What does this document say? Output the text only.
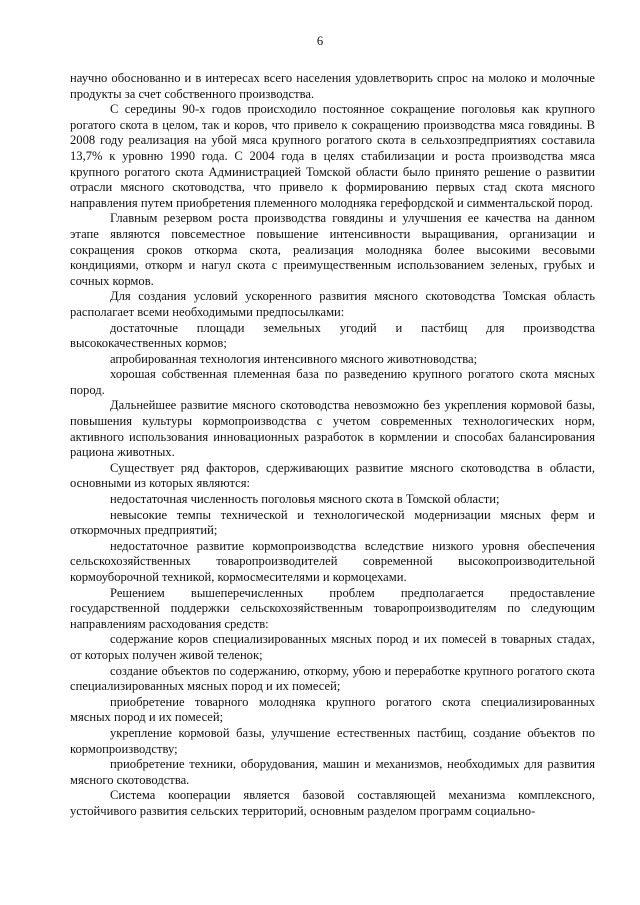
6

научно обоснованно и в интересах всего населения удовлетворить спрос на молоко и молочные продукты за счет собственного производства.

С середины 90-х годов происходило постоянное сокращение поголовья как крупного рогатого скота в целом, так и коров, что привело к сокращению производства мяса говядины. В 2008 году реализация на убой мяса крупного рогатого скота в сельхозпредприятиях составила 13,7% к уровню 1990 года. С 2004 года в целях стабилизации и роста производства мяса крупного рогатого скота Администрацией Томской области было принято решение о развитии отрасли мясного скотоводства, что привело к формированию первых стад скота мясного направления путем приобретения племенного молодняка герефордской и симментальской пород.

Главным резервом роста производства говядины и улучшения ее качества на данном этапе являются повсеместное повышение интенсивности выращивания, организации и сокращения сроков откорма скота, реализация молодняка более высокими весовыми кондициями, откорм и нагул скота с преимущественным использованием зеленых, грубых и сочных кормов.

Для создания условий ускоренного развития мясного скотоводства Томская область располагает всеми необходимыми предпосылками:

достаточные площади земельных угодий и пастбищ для производства высококачественных кормов;

апробированная технология интенсивного мясного животноводства;

хорошая собственная племенная база по разведению крупного рогатого скота мясных пород.

Дальнейшее развитие мясного скотоводства невозможно без укрепления кормовой базы, повышения культуры кормопроизводства с учетом современных технологических норм, активного использования инновационных разработок в кормлении и способах балансирования рациона животных.

Существует ряд факторов, сдерживающих развитие мясного скотоводства в области, основными из которых являются:

недостаточная численность поголовья мясного скота в Томской области;

невысокие темпы технической и технологической модернизации мясных ферм и откормочных предприятий;

недостаточное развитие кормопроизводства вследствие низкого уровня обеспечения сельскохозяйственных товаропроизводителей современной высокопроизводительной кормоуборочной техникой, кормосмесителями и кормоцехами.

Решением вышеперечисленных проблем предполагается предоставление государственной поддержки сельскохозяйственным товаропроизводителям по следующим направлениям расходования средств:

содержание коров специализированных мясных пород и их помесей в товарных стадах, от которых получен живой теленок;

создание объектов по содержанию, откорму, убою и переработке крупного рогатого скота специализированных мясных пород и их помесей;

приобретение товарного молодняка крупного рогатого скота специализированных мясных пород и их помесей;

укрепление кормовой базы, улучшение естественных пастбищ, создание объектов по кормопроизводству;

приобретение техники, оборудования, машин и механизмов, необходимых для развития мясного скотоводства.

Система кооперации является базовой составляющей механизма комплексного, устойчивого развития сельских территорий, основным разделом программ социально-
